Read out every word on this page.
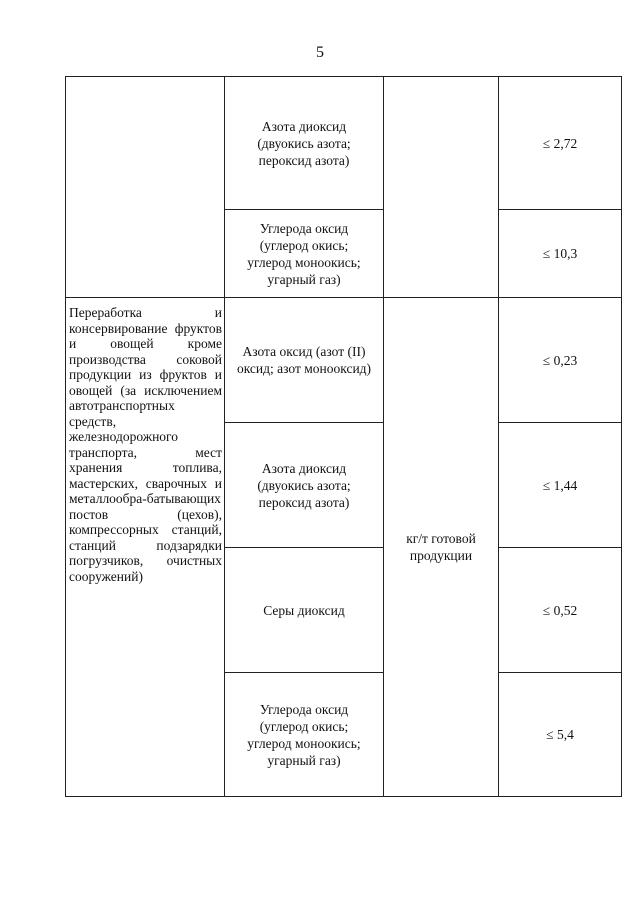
5
	Азота диоксид
(двуокись азота;
пероксид азота)		≤ 2,72
	Углерода оксид
(углерод окись;
углерод моноокись;
угарный газ)		≤ 10,3
Переработка и консервирование фруктов и овощей кроме производства соковой продукции из фруктов и овощей (за исключением автотранспортных средств, железнодорожного транспорта, мест хранения топлива, мастерских, сварочных и металлообра-батывающих постов (цехов), компрессорных станций, станций подзарядки погрузчиков, очистных сооружений)	Азота оксид (азот (II)
оксид; азот монооксид)	кг/т готовой
продукции	≤ 0,23
	Азота диоксид
(двуокись азота;
пероксид азота)		≤ 1,44
	Серы диоксид		≤ 0,52
	Углерода оксид
(углерод окись;
углерод моноокись;
угарный газ)		≤ 5,4
